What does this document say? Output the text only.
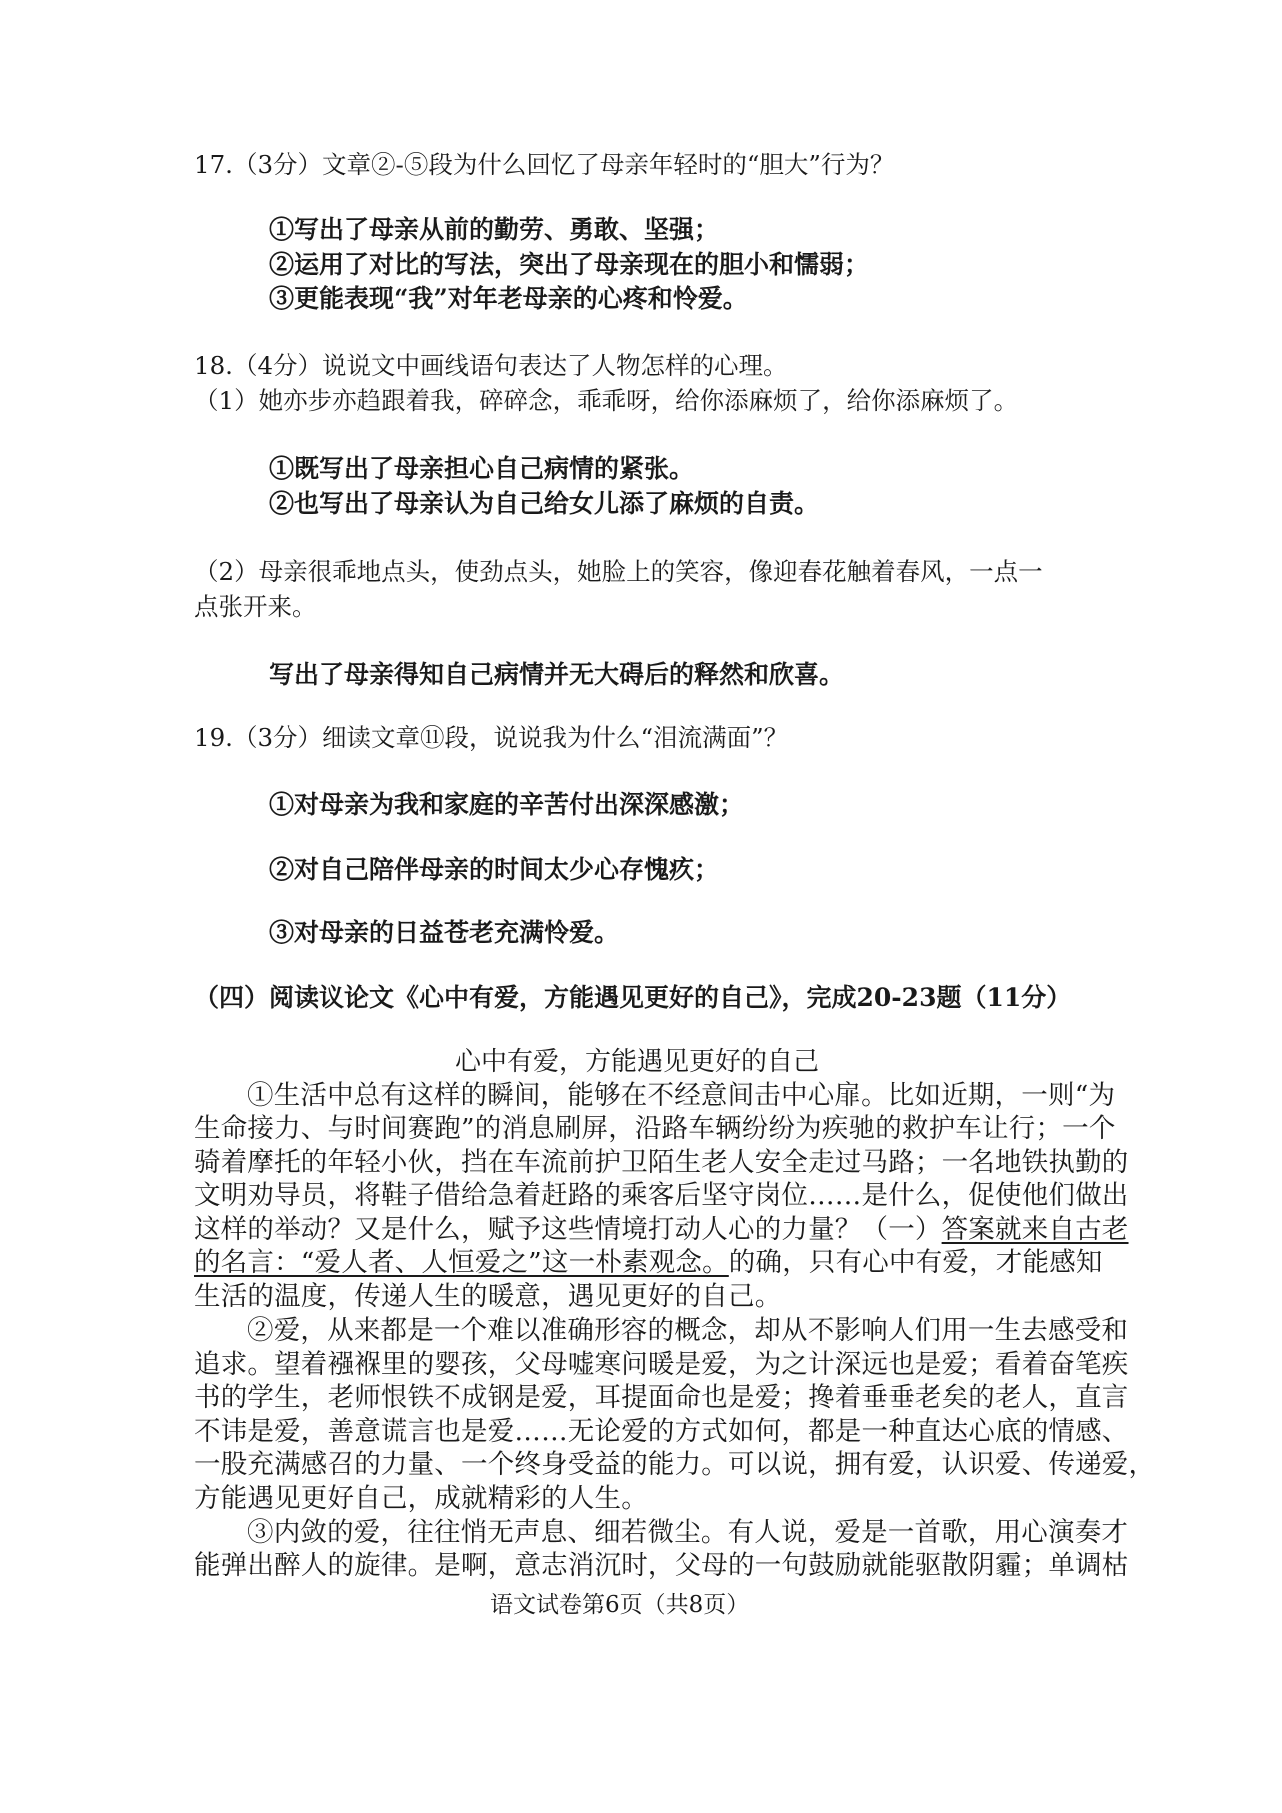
17.（3分）文章②-⑤段为什么回忆了母亲年轻时的“胆大”行为？
①写出了母亲从前的勤劳、勇敢、坚强；
②运用了对比的写法，突出了母亲现在的胆小和懦弱；
③更能表现“我”对年老母亲的心疼和怜爱。
18.（4分）说说文中画线语句表达了人物怎样的心理。
（1）她亦步亦趋跟着我，碎碎念，乖乖呀，给你添麻烦了，给你添麻烦了。
①既写出了母亲担心自己病情的紧张。
②也写出了母亲认为自己给女儿添了麻烦的自责。
（2）母亲很乖地点头，使劲点头，她脸上的笑容，像迎春花触着春风，一点一
点张开来。
写出了母亲得知自己病情并无大碍后的释然和欣喜。
19.（3分）细读文章⑪段，说说我为什么“泪流满面”？
①对母亲为我和家庭的辛苦付出深深感激；
②对自己陪伴母亲的时间太少心存愧疚；
③对母亲的日益苍老充满怜爱。
（四）阅读议论文《心中有爱，方能遇见更好的自己》，完成20-23题（11分）
心中有爱，方能遇见更好的自己
①生活中总有这样的瞬间，能够在不经意间击中心扉。比如近期，一则“为
生命接力、与时间赛跑”的消息刷屏，沿路车辆纷纷为疾驰的救护车让行；一个
骑着摩托的年轻小伙，挡在车流前护卫陌生老人安全走过马路；一名地铁执勤的
文明劝导员，将鞋子借给急着赶路的乘客后坚守岗位……是什么，促使他们做出
这样的举动？又是什么，赋予这些情境打动人心的力量？（一）答案就来自古老
的名言：“爱人者、人恒爱之”这一朴素观念。的确，只有心中有爱，才能感知
生活的温度，传递人生的暖意，遇见更好的自己。
②爱，从来都是一个难以准确形容的概念，却从不影响人们用一生去感受和
追求。望着襁褓里的婴孩，父母嘘寒问暖是爱，为之计深远也是爱；看着奋笔疾
书的学生，老师恨铁不成钢是爱，耳提面命也是爱；搀着垂垂老矣的老人，直言
不讳是爱，善意谎言也是爱……无论爱的方式如何，都是一种直达心底的情感、
一股充满感召的力量、一个终身受益的能力。可以说，拥有爱，认识爱、传递爱，
方能遇见更好自己，成就精彩的人生。
③内敛的爱，往往悄无声息、细若微尘。有人说，爱是一首歌，用心演奏才
能弹出醉人的旋律。是啊，意志消沉时，父母的一句鼓励就能驱散阴霾；单调枯
语文试卷第6页（共8页）
